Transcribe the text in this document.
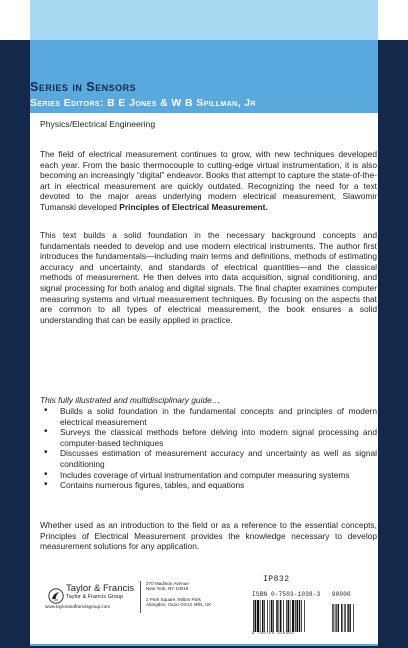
Series in Sensors
Series Editors: B E Jones & W B Spillman, Jr
Physics/Electrical Engineering

The field of electrical measurement continues to grow, with new techniques developed each year. From the basic thermocouple to cutting-edge virtual instrumentation, it is also becoming an increasingly “digital” endeavor. Books that attempt to capture the state-of-the-art in electrical measurement are quickly outdated. Recognizing the need for a text devoted to the major areas underlying modern electrical measurement, Slawomir Tumanski developed Principles of Electrical Measurement.

This text builds a solid foundation in the necessary background concepts and fundamentals needed to develop and use modern electrical instruments. The author first introduces the fundamentals—including main terms and definitions, methods of estimating accuracy and uncertainty, and standards of electrical quantities—and the classical methods of measurement. He then delves into data acquisition, signal conditioning, and signal processing for both analog and digital signals. The final chapter examines computer measuring systems and virtual measurement techniques. By focusing on the aspects that are common to all types of electrical measurement, the book ensures a solid understanding that can be easily applied in practice.

This fully illustrated and multidisciplinary guide…

• Builds a solid foundation in the fundamental concepts and principles of modern electrical measurement
• Surveys the classical methods before delving into modern signal processing and computer-based techniques
• Discusses estimation of measurement accuracy and uncertainty as well as signal conditioning
• Includes coverage of virtual instrumentation and computer measuring systems
• Contains numerous figures, tables, and equations

Whether used as an introduction to the field or as a reference to the essential concepts, Principles of Electrical Measurement provides the knowledge necessary to develop measurement solutions for any application.

Taylor & Francis
Taylor & Francis Group
www.taylorandfrancisgroup.com
270 Madison Avenue
New York, NY 10016
2 Park Square, Milton Park
Abingdon, Oxon OX14 4RN, UK
IP832
ISBN 0-7503-1038-3 90000
9 780750 310383
